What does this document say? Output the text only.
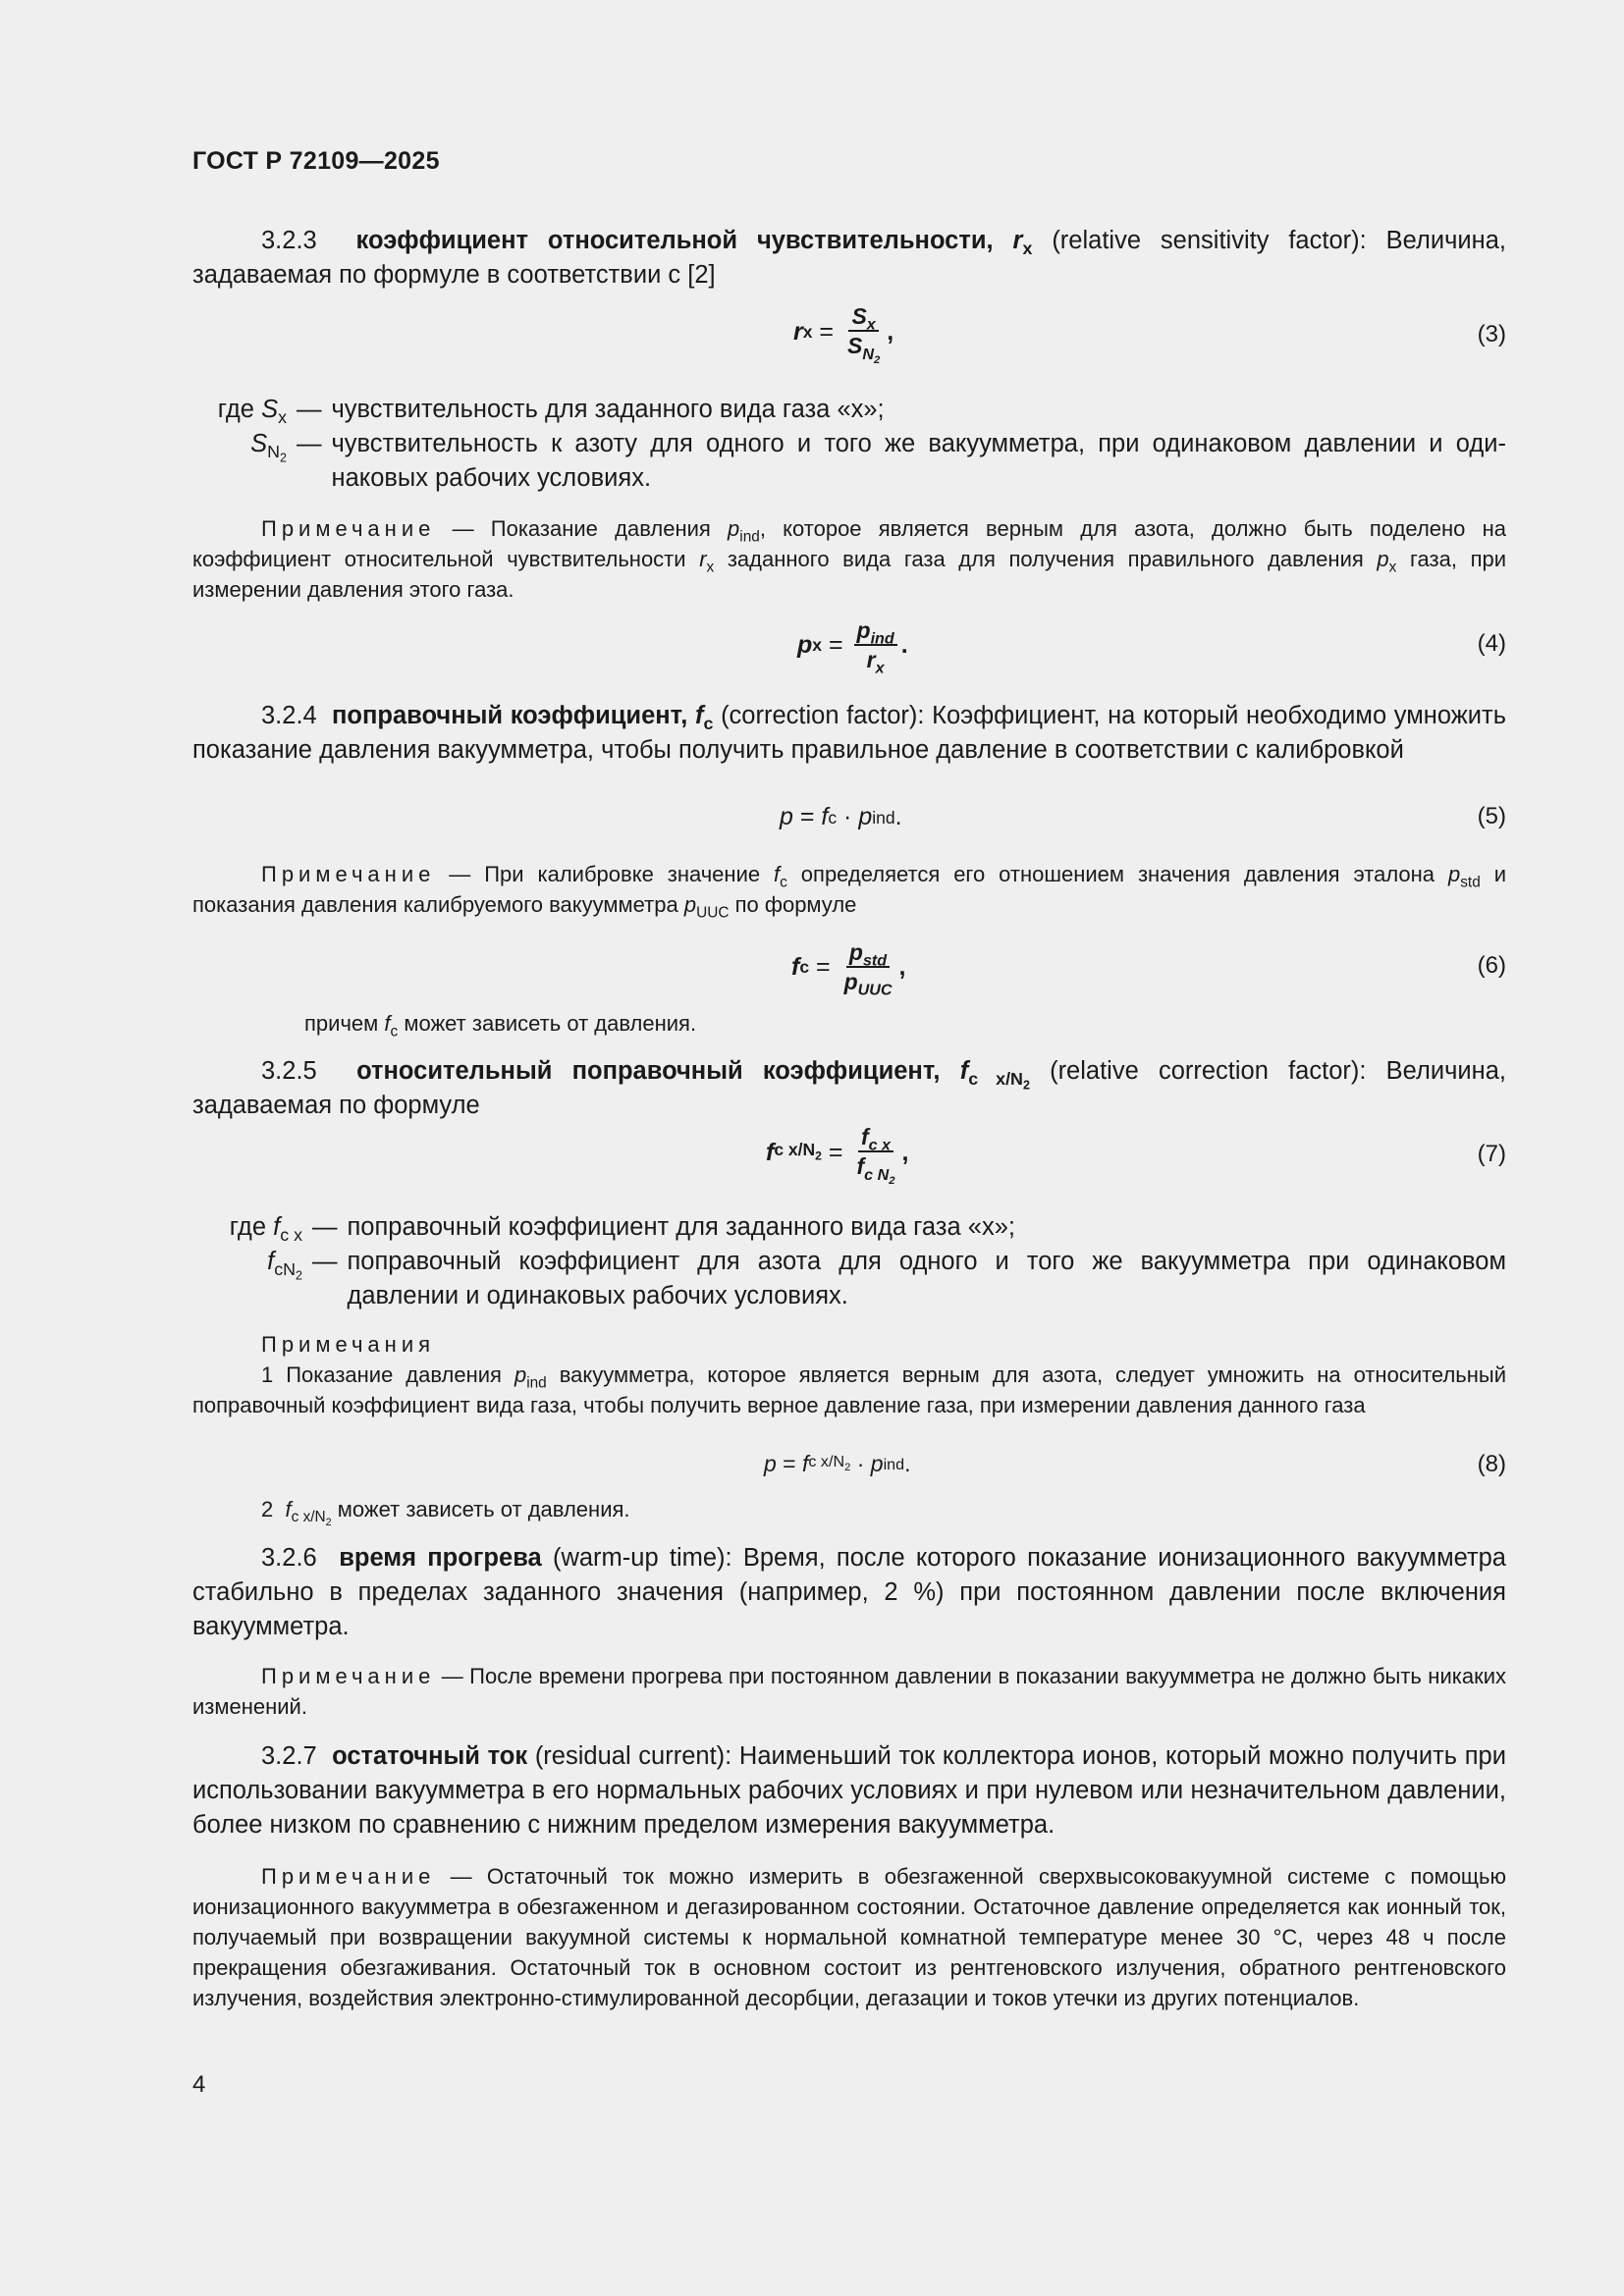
ГОСТ Р 72109—2025

3.2.3 коэффициент относительной чувствительности, $r_x$ (relative sensitivity factor): Величина, задаваемая по формуле в соответствии с [2]

r $x = \frac{S_x}{S_{N_2}}$ ,	(3)
где $S_x$ — чувствительность для заданного вида газа «x»;
$S_{N_2}$
— чувствительность к азоту для одного и того же вакуумметра, при одинаковом давлении и одинаковых рабочих условиях.

Примечание — Показание давления $p_{ind}$, которое является верным для азота, должно быть поделено на коэффициент относительной чувствительности $r_x$ заданного вида газа для получения правильного давления $p_x$ газа, при измерении давления этого газа.

p $x = \frac{p_{ind}}{r_x}$ .	(4)

3.2.4 поправочный коэффициент, $f_c$ (correction factor): Коэффициент, на который необходимо умножить показание давления вакуумметра, чтобы получить правильное давление в соответствии с калибровкой

p = f c · p ind .	(5)

Примечание — При калибровке значение $f_c$ определяется его отношением значения давления эталона $p_{std}$ и показания давления калибруемого вакуумметра $p_{UUC}$ по формуле

f $c = \frac{p_{std}}{p_{UUC}}$ ,	(6)

причем $f_c$ может зависеть от давления.

3.2.5 относительный поправочный коэффициент, $f_{c x/N_2}$ (relative correction factor): Величина, задаваемая по формуле

f c $x/N_2 = \frac{f_{c x}}{f_{c N_2}}$ ,	(7)
где $f_{c x}$ — поправочный коэффициент для заданного вида газа «x»;
$f_{cN_2}$
— поправочный коэффициент для азота для одного и того же вакуумметра при одинаковом давлении и одинаковых рабочих условиях.

Примечания

1 Показание давления $p_{ind}$ вакуумметра, которое является верным для азота, следует умножить на относительный поправочный коэффициент вида газа, чтобы получить верное давление газа, при измерении давления данного газа

p = f c $x/N_2 \cdot p$ ind .	(8)

2 $f_{c x/N_2}$ может зависеть от давления.

3.2.6 время прогрева (warm-up time): Время, после которого показание ионизационного вакуумметра стабильно в пределах заданного значения (например, 2 %) при постоянном давлении после включения вакуумметра.

Примечание — После времени прогрева при постоянном давлении в показании вакуумметра не должно быть никаких изменений.

3.2.7 остаточный ток (residual current): Наименьший ток коллектора ионов, который можно получить при использовании вакуумметра в его нормальных рабочих условиях и при нулевом или незначительном давлении, более низком по сравнению с нижним пределом измерения вакуумметра.

Примечание — Остаточный ток можно измерить в обезгаженной сверхвысоковакуумной системе с помощью ионизационного вакуумметра в обезгаженном и дегазированном состоянии. Остаточное давление определяется как ионный ток, получаемый при возвращении вакуумной системы к нормальной комнатной температуре менее 30 °С, через 48 ч после прекращения обезгаживания. Остаточный ток в основном состоит из рентгеновского излучения, обратного рентгеновского излучения, воздействия электронно-стимулированной десорбции, дегазации и токов утечки из других потенциалов.

4
